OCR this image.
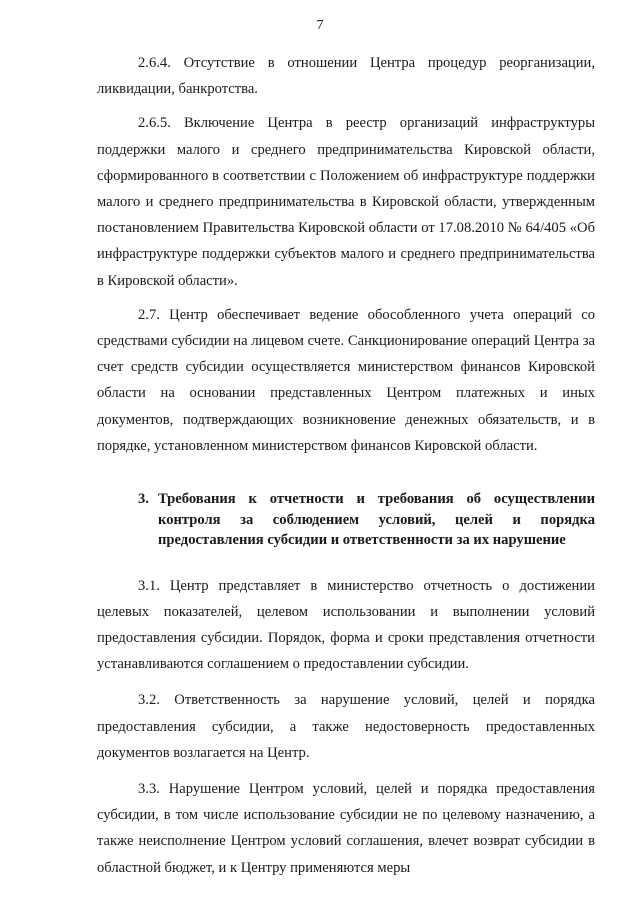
7

2.6.4. Отсутствие в отношении Центра процедур реорганизации, ликвидации, банкротства.

2.6.5. Включение Центра в реестр организаций инфраструктуры поддержки малого и среднего предпринимательства Кировской области, сформированного в соответствии с Положением об инфраструктуре поддержки малого и среднего предпринимательства в Кировской области, утвержденным постановлением Правительства Кировской области от 17.08.2010 № 64/405 «Об инфраструктуре поддержки субъектов малого и среднего предпринимательства в Кировской области».

2.7. Центр обеспечивает ведение обособленного учета операций со средствами субсидии на лицевом счете. Санкционирование операций Центра за счет средств субсидии осуществляется министерством финансов Кировской области на основании представленных Центром платежных и иных документов, подтверждающих возникновение денежных обязательств, и в порядке, установленном министерством финансов Кировской области.

3. Требования к отчетности и требования об осуществлении контроля за соблюдением условий, целей и порядка предоставления субсидии и ответственности за их нарушение

3.1. Центр представляет в министерство отчетность о достижении целевых показателей, целевом использовании и выполнении условий предоставления субсидии. Порядок, форма и сроки представления отчетности устанавливаются соглашением о предоставлении субсидии.

3.2. Ответственность за нарушение условий, целей и порядка предоставления субсидии, а также недостоверность предоставленных документов возлагается на Центр.

3.3. Нарушение Центром условий, целей и порядка предоставления субсидии, в том числе использование субсидии не по целевому назначению, а также неисполнение Центром условий соглашения, влечет возврат субсидии в областной бюджет, и к Центру применяются меры
